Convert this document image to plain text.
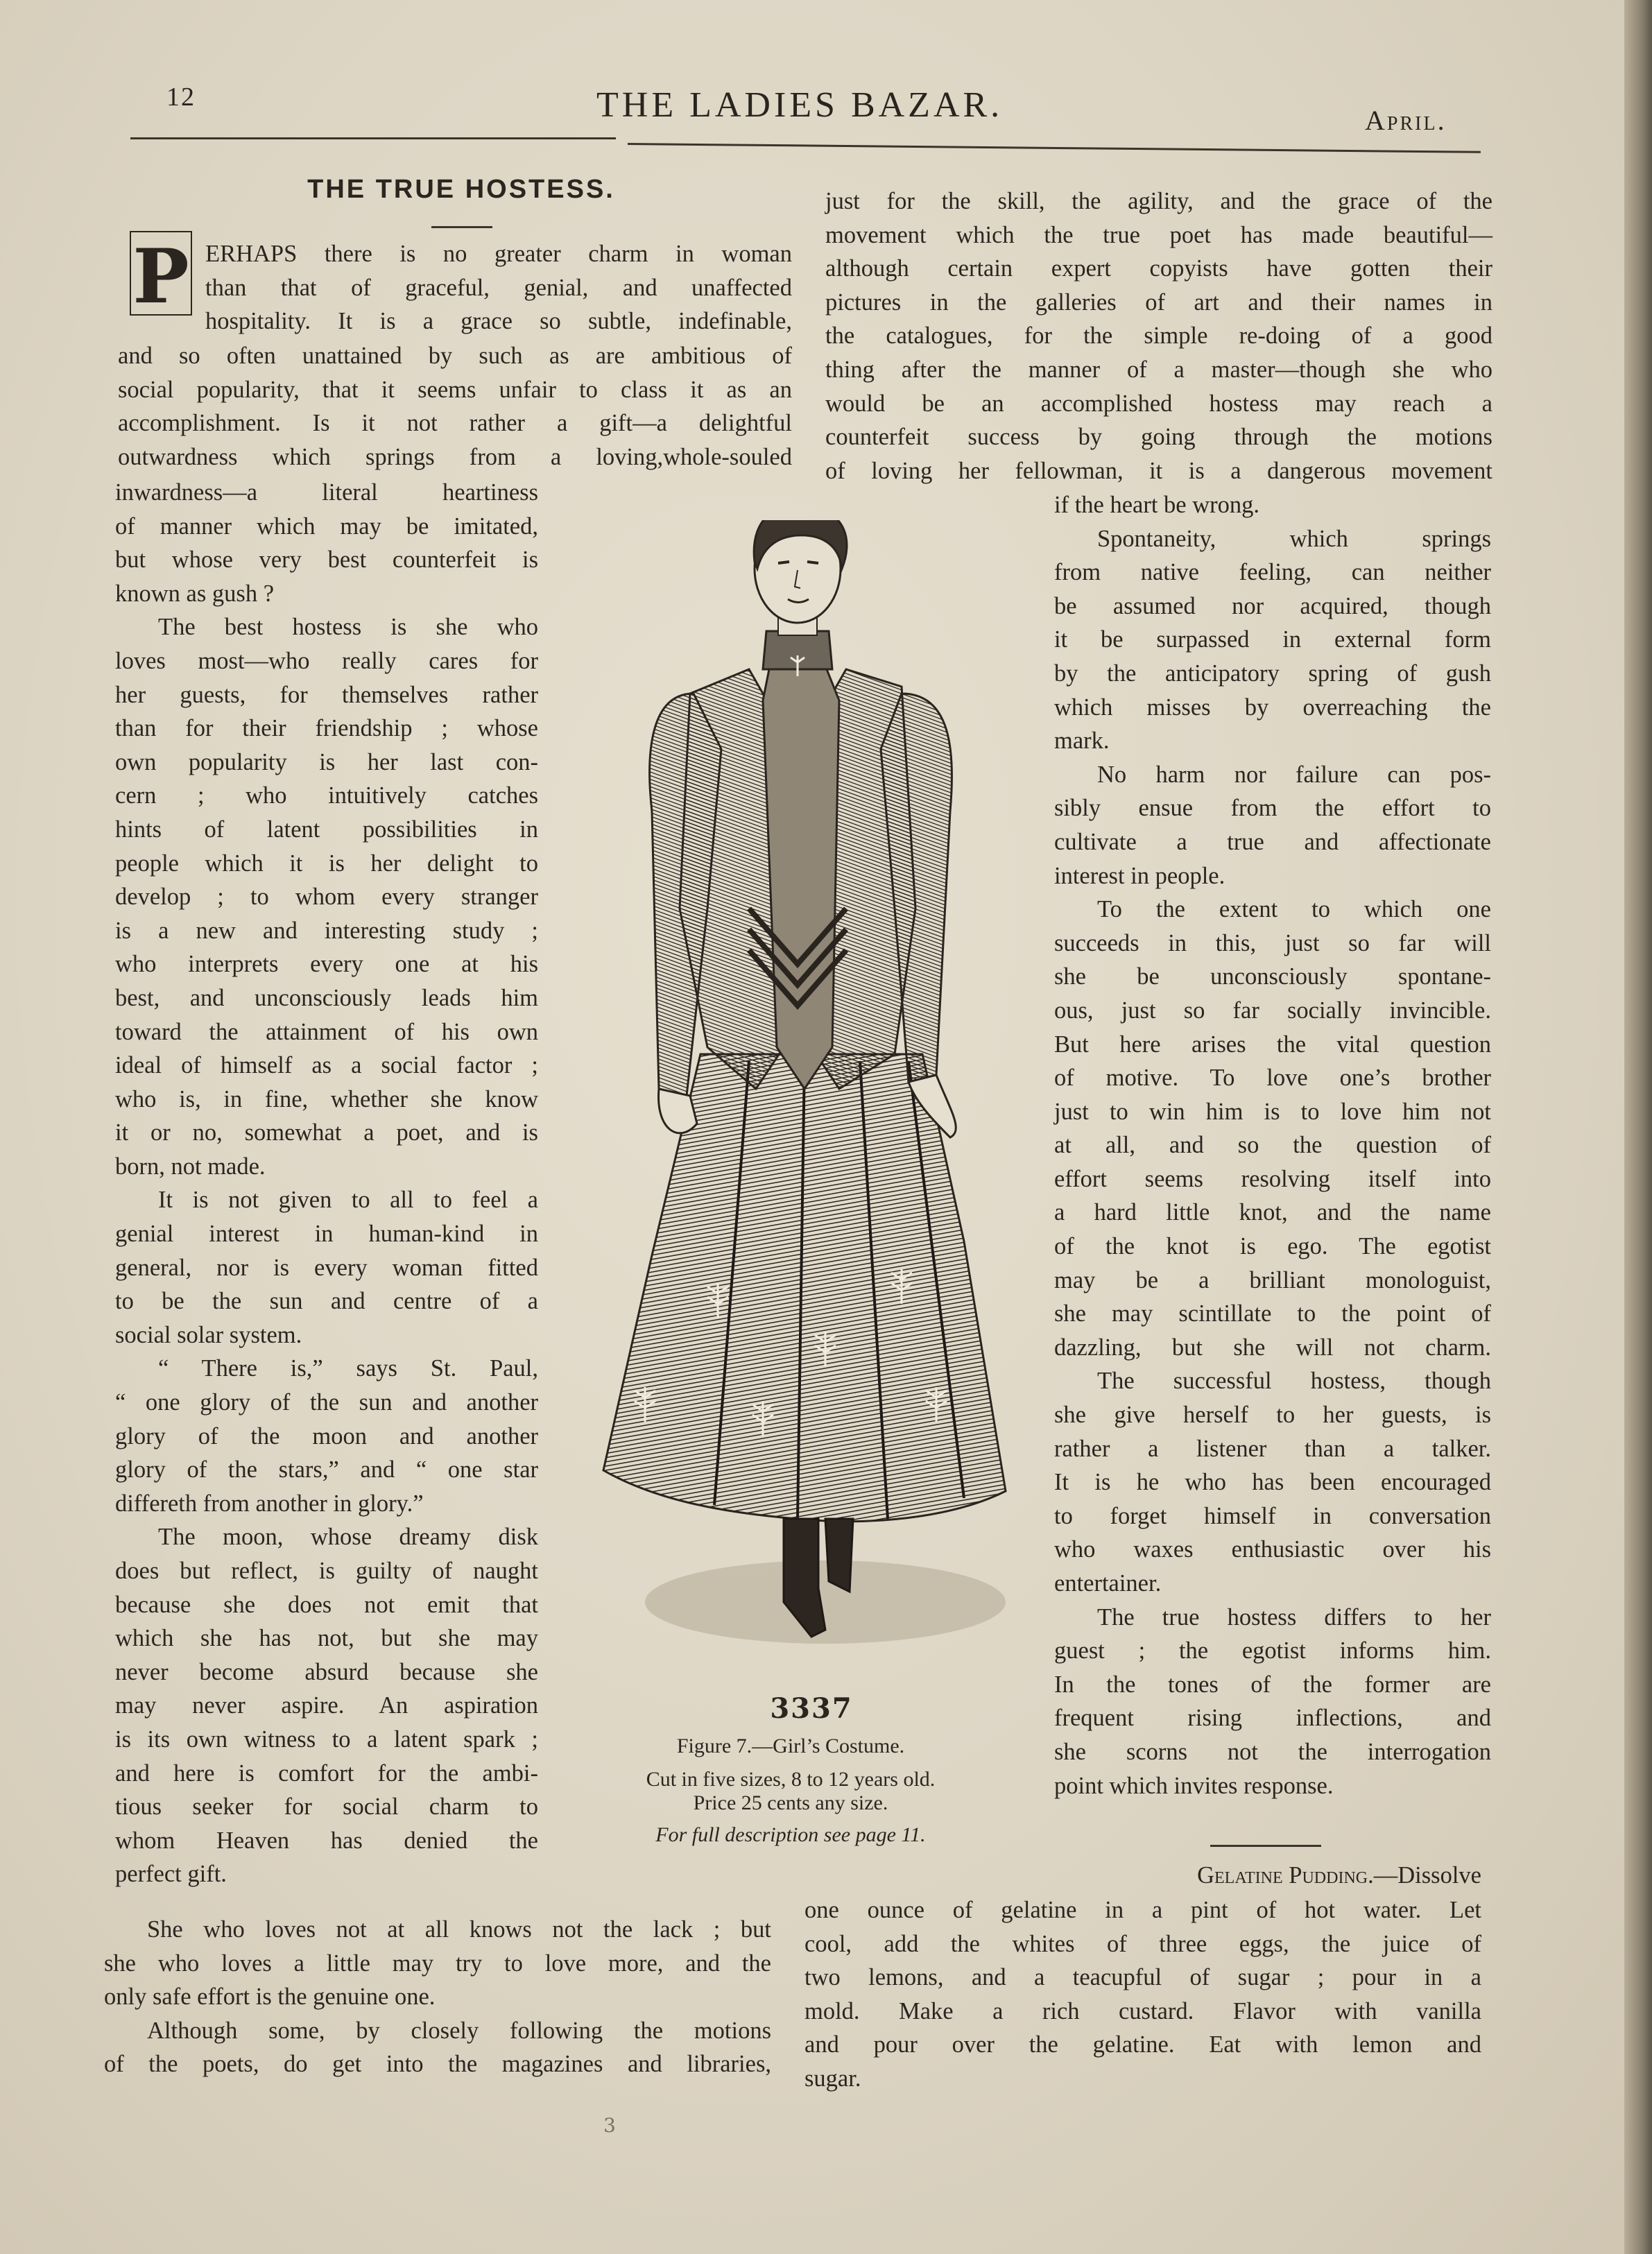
12	THE LADIES BAZAR.	April.
THE TRUE HOSTESS.
P ERHAPS there is no greater charm in woman
than that of graceful, genial, and unaffected
hospitality. It is a grace so subtle, indefinable,
and so often unattained by such as are ambitious of
social popularity, that it seems unfair to class it as an
accomplishment. Is it not rather a gift—a delightful
outwardness which springs from a loving,whole-souled
inwardness—a literal heartiness
of manner which may be imitated,
but whose very best counterfeit is
known as gush ?
The best hostess is she who
loves most—who really cares for
her guests, for themselves rather
than for their friendship ; whose
own popularity is her last con-
cern ; who intuitively catches
hints of latent possibilities in
people which it is her delight to
develop ; to whom every stranger
is a new and interesting study ;
who interprets every one at his
best, and unconsciously leads him
toward the attainment of his own
ideal of himself as a social factor ;
who is, in fine, whether she know
it or no, somewhat a poet, and is
born, not made.
It is not given to all to feel a
genial interest in human-kind in
general, nor is every woman fitted
to be the sun and centre of a
social solar system.
“ There is,” says St. Paul,
“ one glory of the sun and another
glory of the moon and another
glory of the stars,” and “ one star
differeth from another in glory.”
The moon, whose dreamy disk
does but reflect, is guilty of naught
because she does not emit that
which she has not, but she may
never become absurd because she
may never aspire. An aspiration
is its own witness to a latent spark ;
and here is comfort for the ambi-
tious seeker for social charm to
whom Heaven has denied the
perfect gift.
She who loves not at all knows not the lack ; but
she who loves a little may try to love more, and the
only safe effort is the genuine one.
Although some, by closely following the motions
of the poets, do get into the magazines and libraries,
just for the skill, the agility, and the grace of the
movement which the true poet has made beautiful—
although certain expert copyists have gotten their
pictures in the galleries of art and their names in
the catalogues, for the simple re-doing of a good
thing after the manner of a master—though she who
would be an accomplished hostess may reach a
counterfeit success by going through the motions
of loving her fellowman, it is a dangerous movement
if the heart be wrong.
Spontaneity, which springs
from native feeling, can neither
be assumed nor acquired, though
it be surpassed in external form
by the anticipatory spring of gush
which misses by overreaching the
mark.
No harm nor failure can pos-
sibly ensue from the effort to
cultivate a true and affectionate
interest in people.
To the extent to which one
succeeds in this, just so far will
she be unconsciously spontane-
ous, just so far socially invincible.
But here arises the vital question
of motive. To love one’s brother
just to win him is to love him not
at all, and so the question of
effort seems resolving itself into
a hard little knot, and the name
of the knot is ego. The egotist
may be a brilliant monologuist,
she may scintillate to the point of
dazzling, but she will not charm.
The successful hostess, though
she give herself to her guests, is
rather a listener than a talker.
It is he who has been encouraged
to forget himself in conversation
who waxes enthusiastic over his
entertainer.
The true hostess differs to her
guest ; the egotist informs him.
In the tones of the former are
frequent rising inflections, and
she scorns not the interrogation
point which invites response.
3337
Figure 7.—Girl’s Costume.
Cut in five sizes, 8 to 12 years old.
Price 25 cents any size.
For full description see page 11.
Gelatine Pudding.—Dissolve
one ounce of gelatine in a pint of hot water. Let
cool, add the whites of three eggs, the juice of
two lemons, and a teacupful of sugar ; pour in a
mold. Make a rich custard. Flavor with vanilla
and pour over the gelatine. Eat with lemon and
sugar.
3
